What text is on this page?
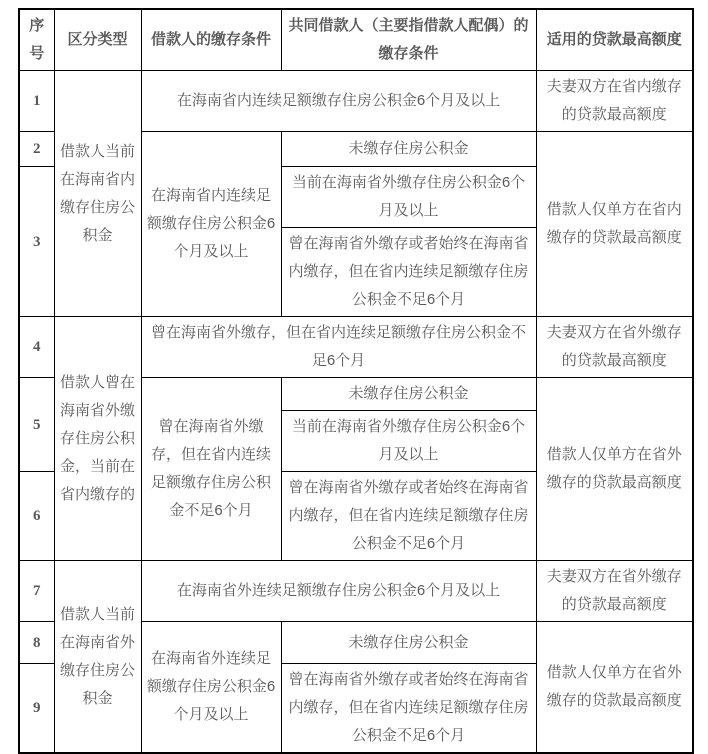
序号	区分类型	借款人的缴存条件	共同借款人（主要指借款人配偶）的缴存条件	适用的贷款最高额度
1	借款人当前在海南省内缴存住房公积金	在海南省内连续足额缴存住房公积金6个月及以上		夫妻双方在省内缴存的贷款最高额度
2		在海南省内连续足额缴存住房公积金6个月及以上	未缴存住房公积金	借款人仅单方在省内缴存的贷款最高额度
3			当前在海南省外缴存住房公积金6个月及以上	
			曾在海南省外缴存或者始终在海南省内缴存，但在省内连续足额缴存住房公积金不足6个月	
4	借款人曾在海南省外缴存住房公积金，当前在省内缴存的	曾在海南省外缴存，但在省内连续足额缴存住房公积金不足6个月		夫妻双方在省外缴存的贷款最高额度
5		曾在海南省外缴存，但在省内连续足额缴存住房公积金不足6个月	未缴存住房公积金	借款人仅单方在省外缴存的贷款最高额度
			当前在海南省外缴存住房公积金6个月及以上	
6			曾在海南省外缴存或者始终在海南省内缴存，但在省内连续足额缴存住房公积金不足6个月	
7	借款人当前在海南省外缴存住房公积金	在海南省外连续足额缴存住房公积金6个月及以上		夫妻双方在省外缴存的贷款最高额度
8		在海南省外连续足额缴存住房公积金6个月及以上	未缴存住房公积金	借款人仅单方在省外缴存的贷款最高额度
9			曾在海南省外缴存或者始终在海南省内缴存，但在省内连续足额缴存住房公积金不足6个月	
